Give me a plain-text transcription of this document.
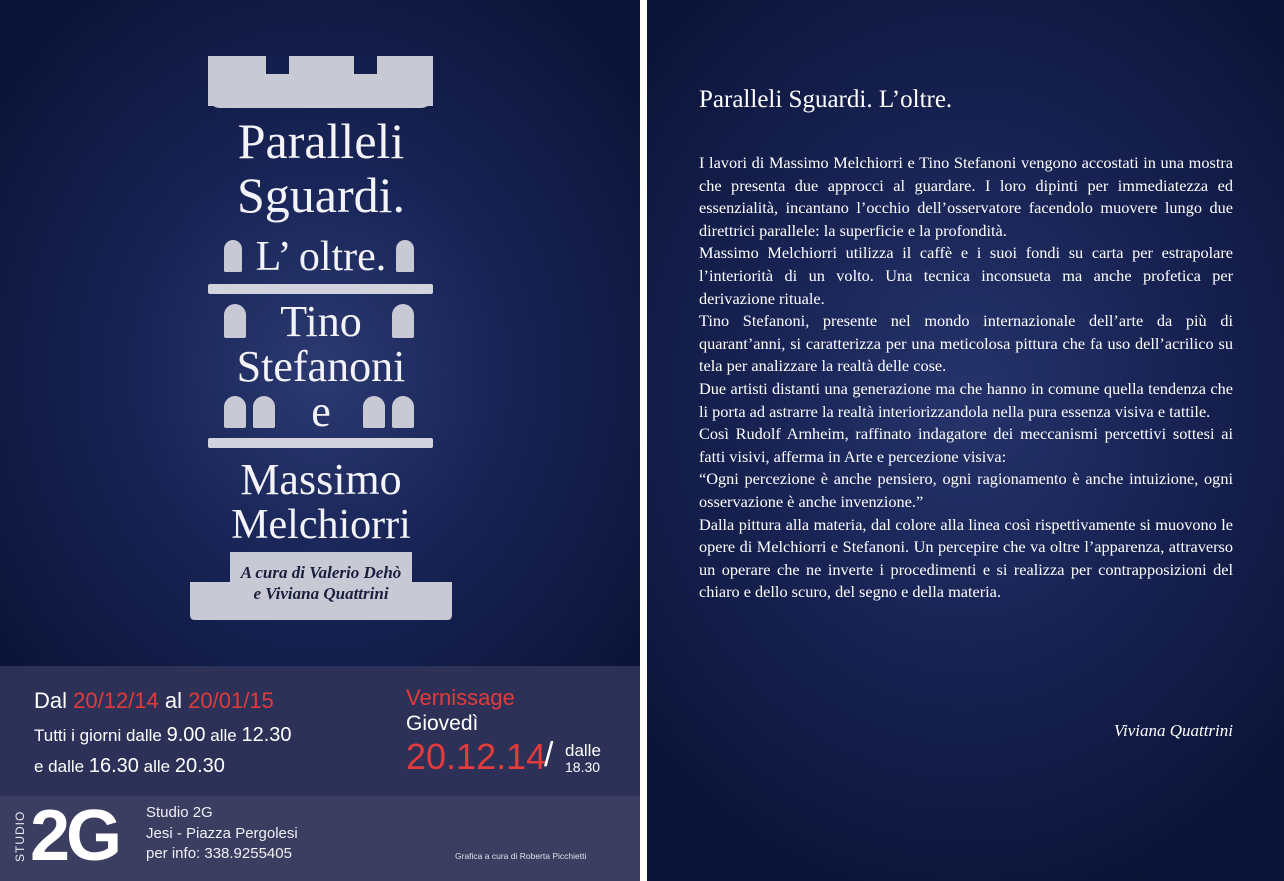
Paralleli
Sguardi.
L’ oltre.
Tino
Stefanoni
e
Massimo
Melchiorri
A cura di Valerio Dehò
e Viviana Quattrini
Dal 20/12/14 al 20/01/15
Tutti i giorni dalle 9.00 alle 12.30
e dalle 16.30 alle 20.30
Vernissage
Giovedì
20.12.14
/ dalle
18.30
STUDIO 2G Studio 2G
Jesi - Piazza Pergolesi
per info: 338.9255405	Grafica a cura di Roberta Picchietti
Paralleli Sguardi. L’oltre.

I lavori di Massimo Melchiorri e Tino Stefanoni vengono accostati in una mostra che presenta due approcci al guardare. I loro dipinti per immediatezza ed essenzialità, incantano l’occhio dell’osservatore facendolo muovere lungo due direttrici parallele: la superficie e la profondità.

Massimo Melchiorri utilizza il caffè e i suoi fondi su carta per estrapolare l’interiorità di un volto. Una tecnica inconsueta ma anche profetica per derivazione rituale.

Tino Stefanoni, presente nel mondo internazionale dell’arte da più di quarant’anni, si caratterizza per una meticolosa pittura che fa uso dell’acrilico su tela per analizzare la realtà delle cose.

Due artisti distanti una generazione ma che hanno in comune quella tendenza che li porta ad astrarre la realtà interiorizzandola nella pura essenza visiva e tattile.

Così Rudolf Arnheim, raffinato indagatore dei meccanismi percettivi sottesi ai fatti visivi, afferma in Arte e percezione visiva:

“Ogni percezione è anche pensiero, ogni ragionamento è anche intuizione, ogni osservazione è anche invenzione.”

Dalla pittura alla materia, dal colore alla linea così rispettivamente si muovono le opere di Melchiorri e Stefanoni. Un percepire che va oltre l’apparenza, attraverso un operare che ne inverte i procedimenti e si realizza per contrapposizioni del chiaro e dello scuro, del segno e della materia.

Viviana Quattrini
